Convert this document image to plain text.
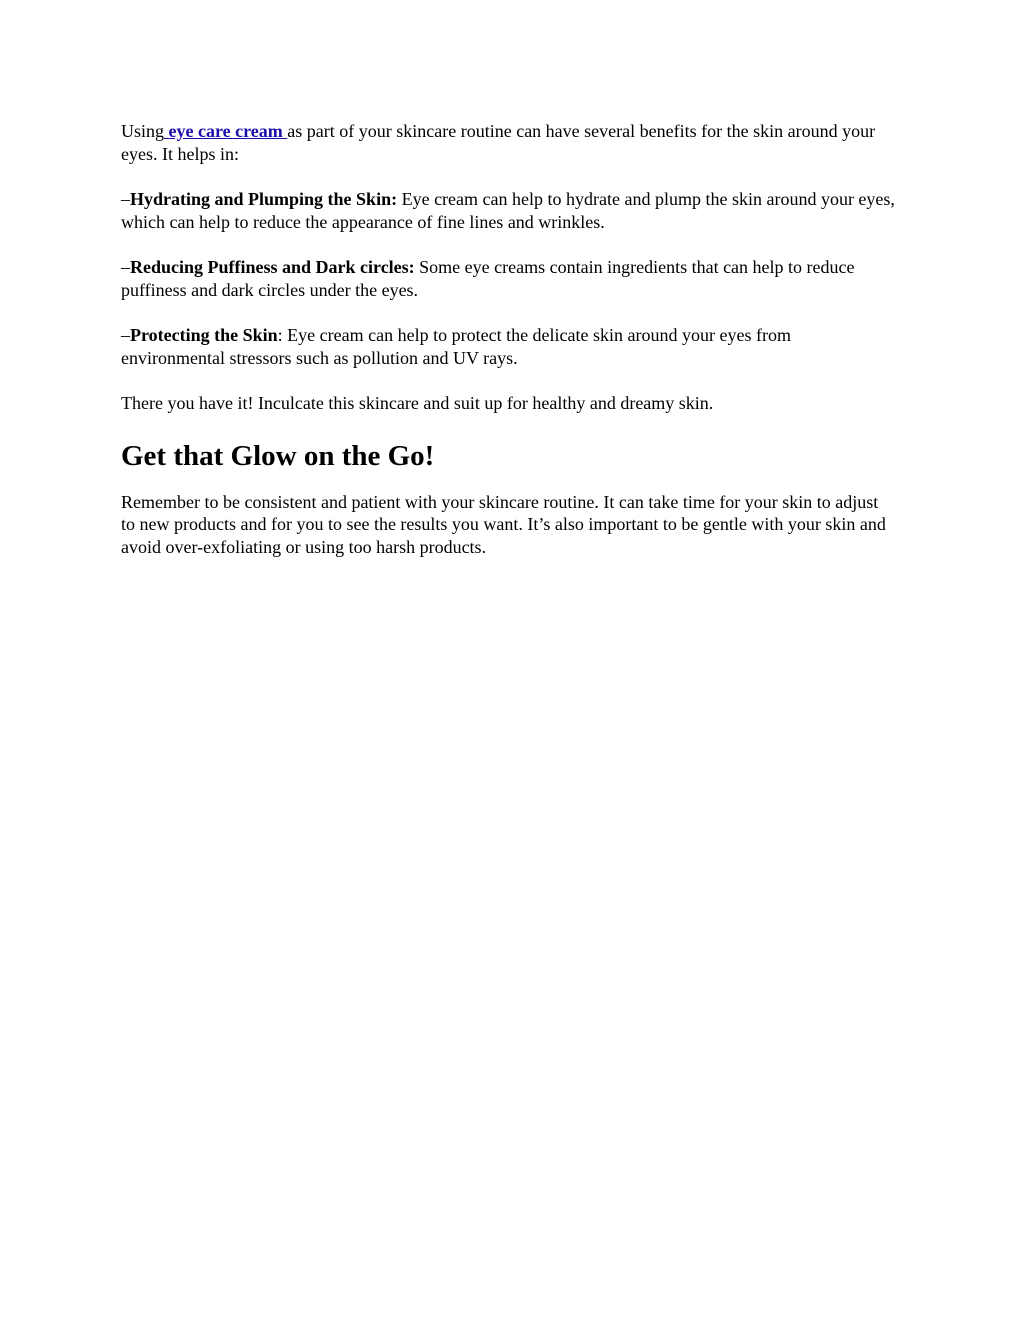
Using eye care cream as part of your skincare routine can have several benefits for the skin around your eyes. It helps in:

–Hydrating and Plumping the Skin: Eye cream can help to hydrate and plump the skin around your eyes, which can help to reduce the appearance of fine lines and wrinkles.

–Reducing Puffiness and Dark circles: Some eye creams contain ingredients that can help to reduce puffiness and dark circles under the eyes.

–Protecting the Skin: Eye cream can help to protect the delicate skin around your eyes from environmental stressors such as pollution and UV rays.

There you have it! Inculcate this skincare and suit up for healthy and dreamy skin.

Get that Glow on the Go!

Remember to be consistent and patient with your skincare routine. It can take time for your skin to adjust to new products and for you to see the results you want. It’s also important to be gentle with your skin and avoid over-exfoliating or using too harsh products.
